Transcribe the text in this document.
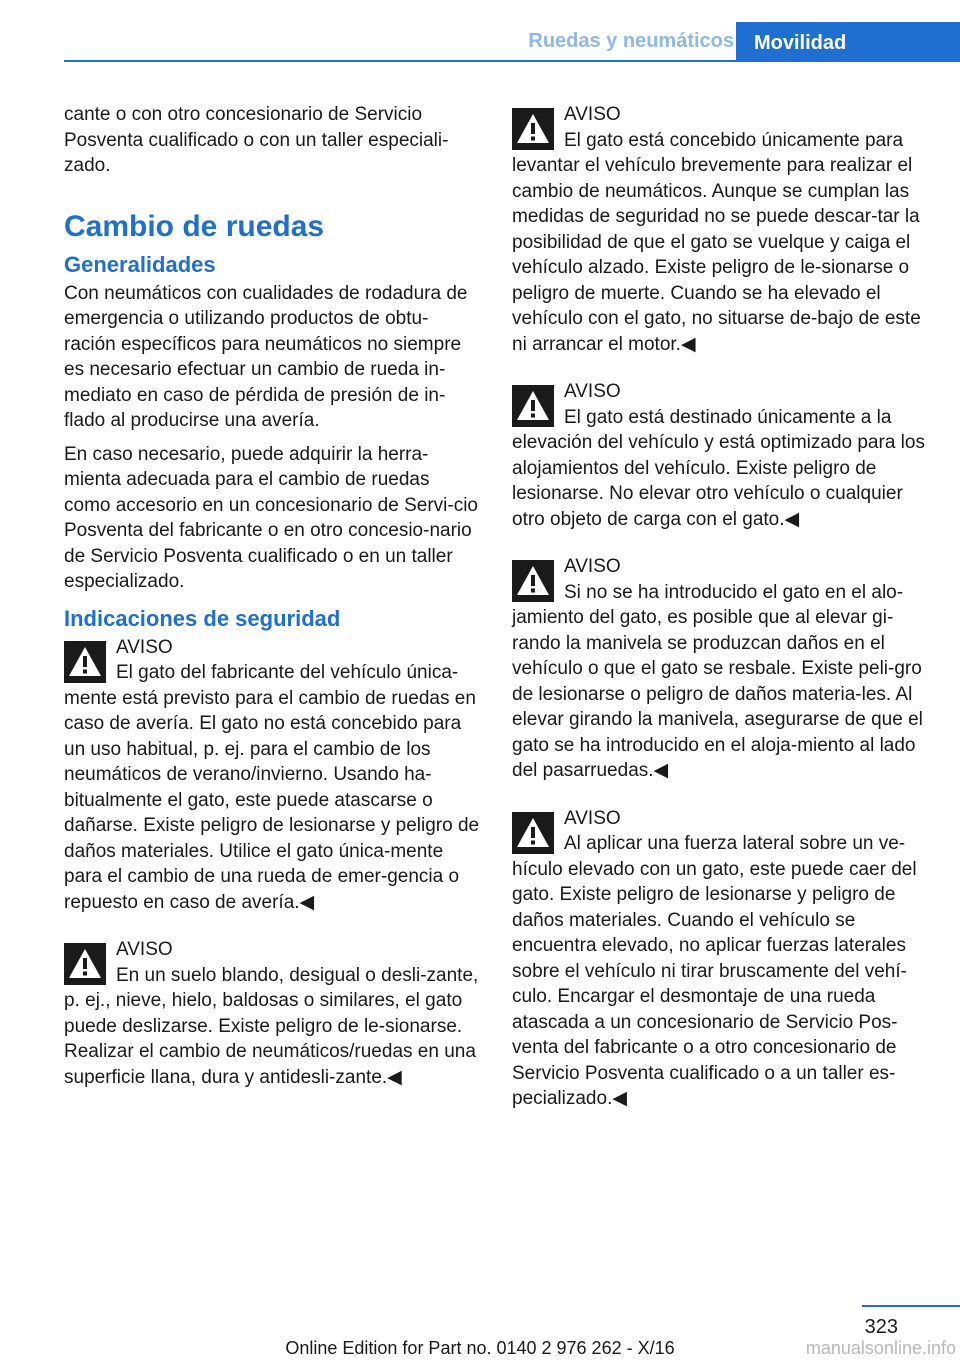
Ruedas y neumáticos	Movilidad

cante o con otro concesionario de Servicio Posventa cualificado o con un taller especiali‐zado.

Cambio de ruedas
Generalidades

Con neumáticos con cualidades de rodadura de emergencia o utilizando productos de obtu‐ración específicos para neumáticos no siempre es necesario efectuar un cambio de rueda in‐mediato en caso de pérdida de presión de in‐flado al producirse una avería.

En caso necesario, puede adquirir la herra‐mienta adecuada para el cambio de ruedas como accesorio en un concesionario de Servi‐cio Posventa del fabricante o en otro concesio‐nario de Servicio Posventa cualificado o en un taller especializado.

Indicaciones de seguridad
AVISO
El gato del fabricante del vehículo única‐mente está previsto para el cambio de ruedas en caso de avería. El gato no está concebido para un uso habitual, p. ej. para el cambio de los neumáticos de verano/invierno. Usando ha‐bitualmente el gato, este puede atascarse o dañarse. Existe peligro de lesionarse y peligro de daños materiales. Utilice el gato única‐mente para el cambio de una rueda de emer‐gencia o repuesto en caso de avería.◀
AVISO
En un suelo blando, desigual o desli‐zante, p. ej., nieve, hielo, baldosas o similares, el gato puede deslizarse. Existe peligro de le‐sionarse. Realizar el cambio de neumáticos/ruedas en una superficie llana, dura y antidesli‐zante.◀
AVISO
El gato está concebido únicamente para levantar el vehículo brevemente para realizar el cambio de neumáticos. Aunque se cumplan las medidas de seguridad no se puede descar‐tar la posibilidad de que el gato se vuelque y caiga el vehículo alzado. Existe peligro de le‐sionarse o peligro de muerte. Cuando se ha elevado el vehículo con el gato, no situarse de‐bajo de este ni arrancar el motor.◀
AVISO
El gato está destinado únicamente a la elevación del vehículo y está optimizado para los alojamientos del vehículo. Existe peligro de lesionarse. No elevar otro vehículo o cualquier otro objeto de carga con el gato.◀
AVISO
Si no se ha introducido el gato en el alo‐jamiento del gato, es posible que al elevar gi‐rando la manivela se produzcan daños en el vehículo o que el gato se resbale. Existe peli‐gro de lesionarse o peligro de daños materia‐les. Al elevar girando la manivela, asegurarse de que el gato se ha introducido en el aloja‐miento al lado del pasarruedas.◀
AVISO
Al aplicar una fuerza lateral sobre un ve‐hículo elevado con un gato, este puede caer del gato. Existe peligro de lesionarse y peligro de daños materiales. Cuando el vehículo se encuentra elevado, no aplicar fuerzas laterales sobre el vehículo ni tirar bruscamente del vehí‐culo. Encargar el desmontaje de una rueda atascada a un concesionario de Servicio Pos‐venta del fabricante o a otro concesionario de Servicio Posventa cualificado o a un taller es‐pecializado.◀
323
Online Edition for Part no. 0140 2 976 262 - X/16	manualsonline.info
